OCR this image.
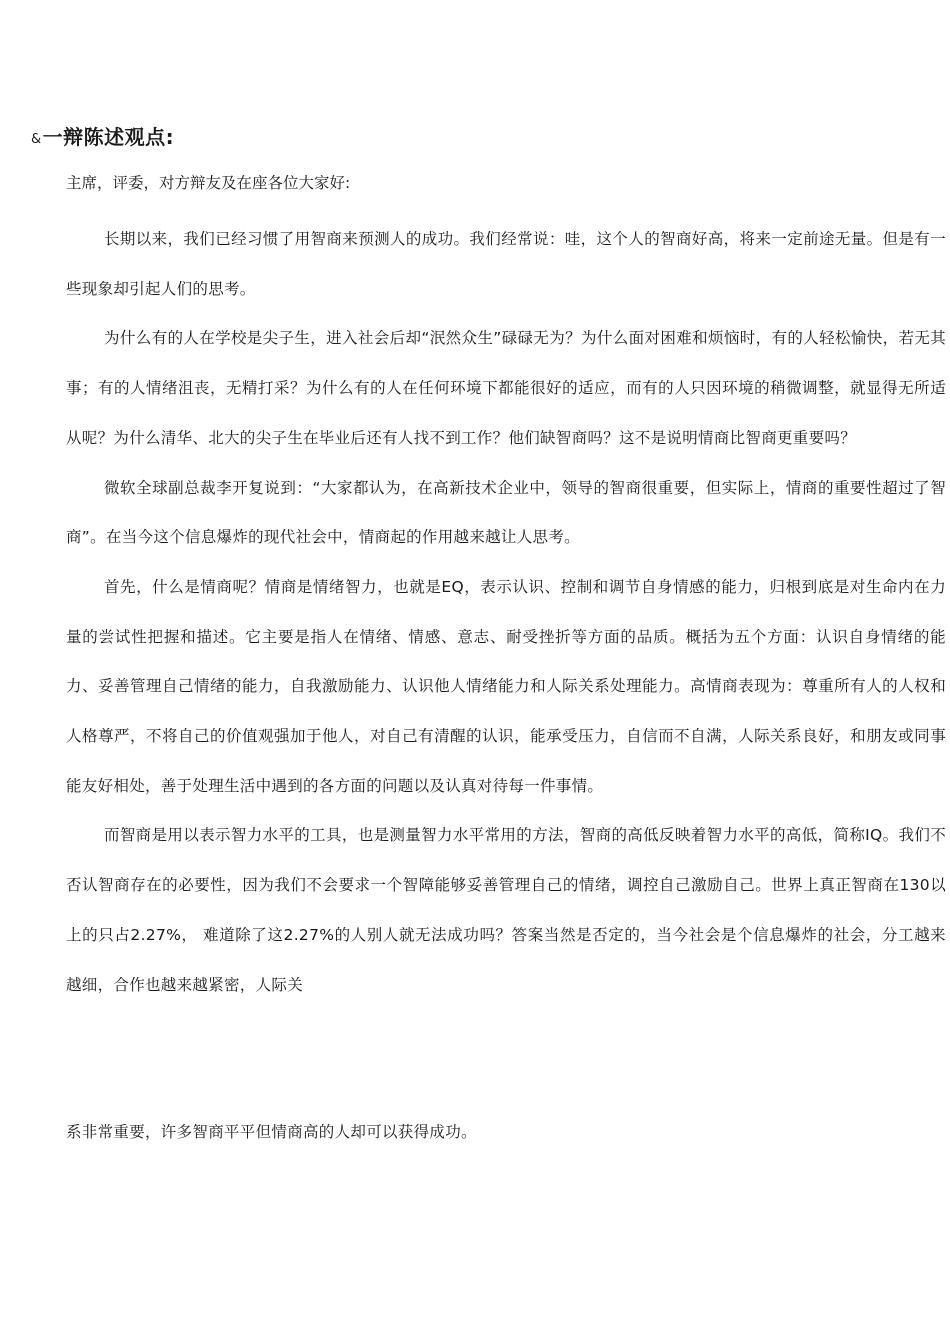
&一辩陈述观点:
主席，评委，对方辩友及在座各位大家好:

长期以来，我们已经习惯了用智商来预测人的成功。我们经常说：哇，这个人的智商好高，将来一定前途无量。但是有一些现象却引起人们的思考。

为什么有的人在学校是尖子生，进入社会后却“泯然众生”碌碌无为？为什么面对困难和烦恼时，有的人轻松愉快，若无其事；有的人情绪沮丧，无精打采？为什么有的人在任何环境下都能很好的适应，而有的人只因环境的稍微调整，就显得无所适从呢？为什么清华、北大的尖子生在毕业后还有人找不到工作？他们缺智商吗？这不是说明情商比智商更重要吗？

微软全球副总裁李开复说到：“大家都认为，在高新技术企业中，领导的智商很重要，但实际上，情商的重要性超过了智商”。在当今这个信息爆炸的现代社会中，情商起的作用越来越让人思考。

首先，什么是情商呢？情商是情绪智力，也就是EQ，表示认识、控制和调节自身情感的能力，归根到底是对生命内在力量的尝试性把握和描述。它主要是指人在情绪、情感、意志、耐受挫折等方面的品质。概括为五个方面：认识自身情绪的能力、妥善管理自己情绪的能力，自我激励能力、认识他人情绪能力和人际关系处理能力。高情商表现为：尊重所有人的人权和人格尊严，不将自己的价值观强加于他人，对自己有清醒的认识，能承受压力，自信而不自满，人际关系良好，和朋友或同事能友好相处，善于处理生活中遇到的各方面的问题以及认真对待每一件事情。

而智商是用以表示智力水平的工具，也是测量智力水平常用的方法，智商的高低反映着智力水平的高低，简称IQ。我们不否认智商存在的必要性，因为我们不会要求一个智障能够妥善管理自己的情绪，调控自己激励自己。世界上真正智商在130以上的只占2.27%， 难道除了这2.27%的人别人就无法成功吗？答案当然是否定的，当今社会是个信息爆炸的社会，分工越来越细，合作也越来越紧密，人际关

系非常重要，许多智商平平但情商高的人却可以获得成功。
